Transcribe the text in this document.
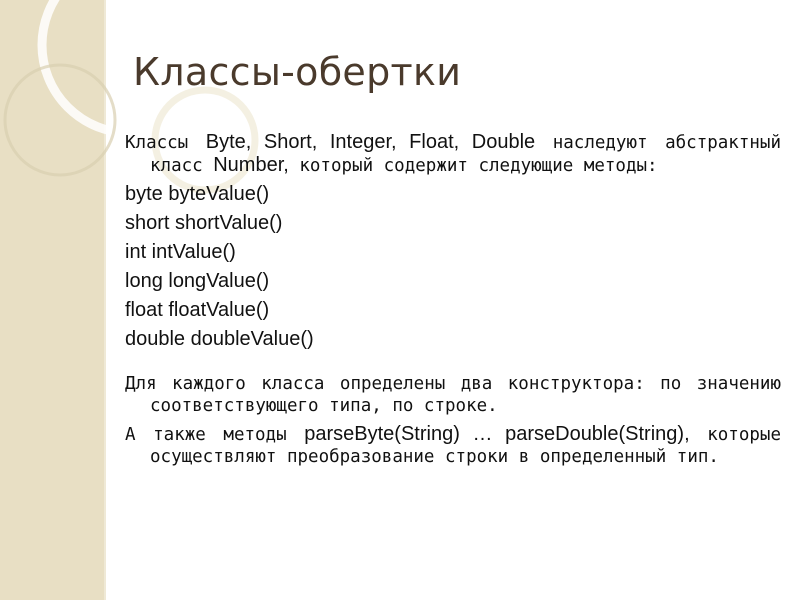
Классы-обертки

Классы Byte, Short, Integer, Float, Double наследуют абстрактный класс Number, который содержит следующие методы:

byte byteValue()

short shortValue()

int intValue()

long longValue()

float floatValue()

double doubleValue()

Для каждого класса определены два конструктора: по значению соответствующего типа, по строке.

А также методы parseByte(String) … parseDouble(String), которые осуществляют преобразование строки в определенный тип.
